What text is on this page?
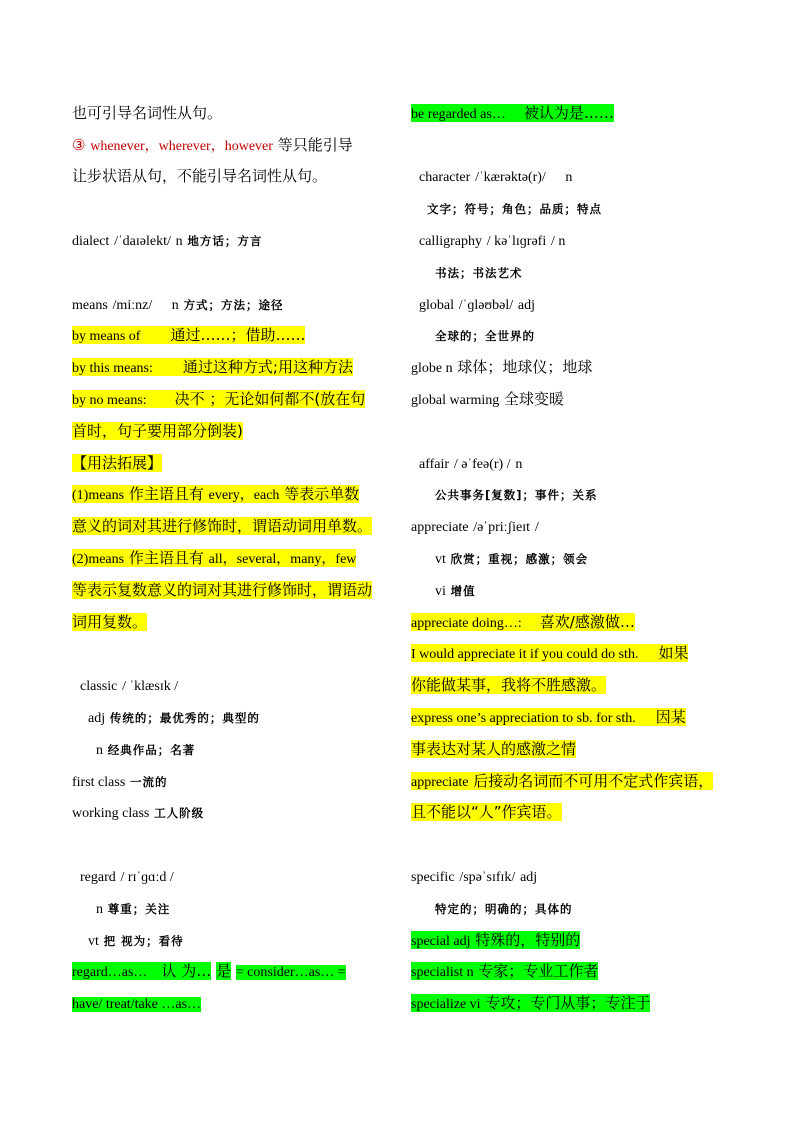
也可引导名词性从句。
③ whenever，wherever，however 等只能引导
让步状语从句，不能引导名词性从句。
dialect /ˈdaɪəlekt/ n 地方话；方言
means /miːnz/ n 方式；方法；途径
by means of 通过……；借助……
by this means: 通过这种方式;用这种方法
by no means: 决不 ；无论如何都不(放在句
首时，句子要用部分倒装)
【用法拓展】
(1)means 作主语且有 every，each 等表示单数
意义的词对其进行修饰时，谓语动词用单数。
(2)means 作主语且有 all，several，many，few
等表示复数意义的词对其进行修饰时，谓语动
词用复数。
classic / ˈklæsɪk /
adj 传统的；最优秀的；典型的
n 经典作品；名著
first class 一流的
working class 工人阶级
regard / rɪˈɡɑːd /
n 尊重；关注
vt 把 视为；看待
regard…as… 认 为… 是 = consider…as… =
have/ treat/take …as…
be regarded as… 被认为是……
character /ˈkærəktə(r)/ n
文字；符号；角色；品质；特点
calligraphy / kəˈlɪɡrəfi / n
书法；书法艺术
global /ˈɡləʊbəl/ adj
全球的；全世界的
globe n 球体；地球仪；地球
global warming 全球变暖
affair / əˈfeə(r) / n
公共事务[复数]；事件；关系
appreciate /əˈpriːʃieɪt /
vt 欣赏；重视；感激；领会
vi 增值
appreciate doing…: 喜欢/感激做…
I would appreciate it if you could do sth. 如果
你能做某事，我将不胜感激。
express one’s appreciation to sb. for sth. 因某
事表达对某人的感激之情
appreciate 后接动名词而不可用不定式作宾语，
且不能以“人”作宾语。
specific /spəˈsɪfɪk/ adj
特定的；明确的；具体的
special adj 特殊的，特别的
specialist n 专家；专业工作者
specialize vi 专攻；专门从事；专注于
